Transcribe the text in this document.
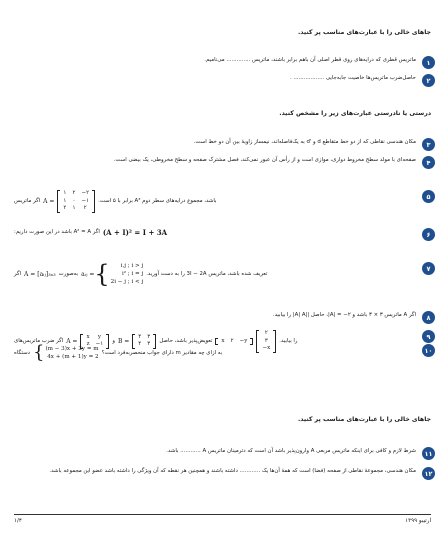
جاهای خالی را با عبارت‌های مناسب پر کنید.
۱

ماتریس قطری که درایه‌های روی قطر اصلی آن باهم برابر باشند، ماتریس .............. می‌نامیم.

۲

حاصل‌ضرب ماتریس‌ها خاصیت جابه‌جایی .................. .

درستی یا نادرستی عبارت‌های زیر را مشخص کنید.
۳

مکان هندسی نقاطی که از دو خط متقاطع d و 'd به یک‌فاصله‌اند، نیمساز زاویهٔ بین آن دو خط است.

۴

صفحه‌ای با مولد سطح مخروط دواری، موازی است و از رأس آن عبور نمی‌کند، فصل مشترک صفحه و سطح مخروطی، یک بیضی است.

۵
اگر ماتریس A =
۱	۲	−۲
۱	۰	−۱
۲	۱	۲
باشد، مجموع درایه‌های سطر دوم A³ برابر با ۵ است.
۶
اگر A² = A باشد در این صورت داریم: (A + I)² = I + 3A
۷
اگر A = [aᵢⱼ]₃ₓ₃ به‌صورت aᵢⱼ = {	i.j ; i > j
i² ; i = j
2i − j ; i < j
تعریف شده باشد، ماتریس 3I − 2A را به دست آورید.
۸

اگر A ماتریس ۳ × ۳ باشد و ۲− = |A|، حاصل ||A| A| را بیابید.

۹
اگر ضرب ماتریس‌های A =
x	y
z	−۱
و B =
۴	۳
۴	۳
تعویض‌پذیر باشد، حاصل x	۲	−y
۲
۳
−x
را بیابید.
۱۰
دستگاه { (m − 3)x + 3y = m
4x + (m + 1)y = 2
به ازای چه مقادیر m دارای جواب منحصربه‌فرد است؟
جاهای خالی را با عبارت‌های مناسب پر کنید.
۱۱

شرط لازم و کافی برای اینکه ماتریس مربعی A وارون‌پذیر باشد آن است که دترمینان ماتریس A ............ باشد.

۱۲

مکان هندسی، مجموعهٔ نقاطی از صفحه (فضا) است که همهٔ آن‌ها یک ............ داشته باشند و همچنین هر نقطه که آن ویژگی را داشته باشد عضو این مجموعه باشد.

۱/۴	ارتیبو ۱۳۹۹
